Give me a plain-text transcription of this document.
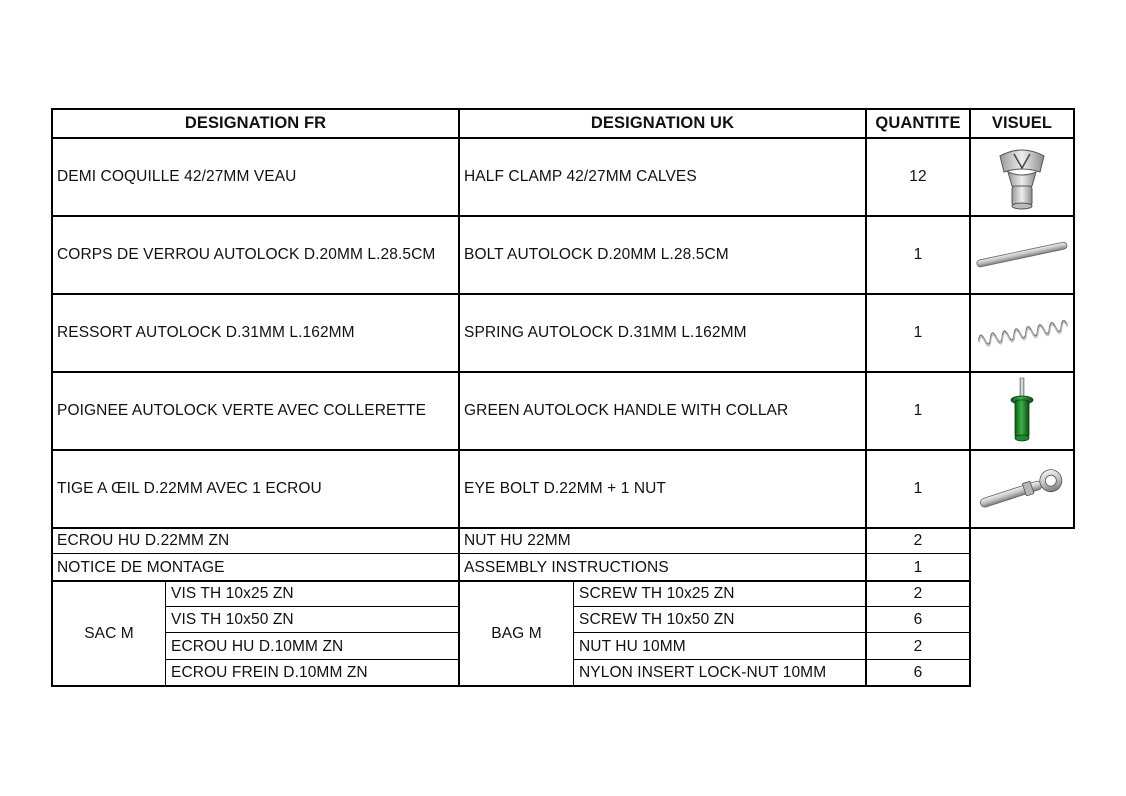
DESIGNATION FR	DESIGNATION UK	QUANTITE	VISUEL
DEMI COQUILLE 42/27MM VEAU	HALF CLAMP 42/27MM CALVES	12
CORPS DE VERROU AUTOLOCK D.20MM L.28.5CM	BOLT AUTOLOCK D.20MM L.28.5CM	1
RESSORT AUTOLOCK D.31MM L.162MM	SPRING AUTOLOCK D.31MM L.162MM	1
POIGNEE AUTOLOCK VERTE AVEC COLLERETTE	GREEN AUTOLOCK HANDLE WITH COLLAR	1
TIGE A ŒIL D.22MM AVEC 1 ECROU	EYE BOLT D.22MM + 1 NUT	1
ECROU HU D.22MM ZN	NUT HU 22MM	2
NOTICE DE MONTAGE	ASSEMBLY INSTRUCTIONS	1
SAC M	BAG M
VIS TH 10x25 ZN	SCREW TH 10x25 ZN	2
VIS TH 10x50 ZN	SCREW TH 10x50 ZN	6
ECROU HU D.10MM ZN	NUT HU 10MM	2
ECROU FREIN D.10MM ZN	NYLON INSERT LOCK-NUT 10MM	6
